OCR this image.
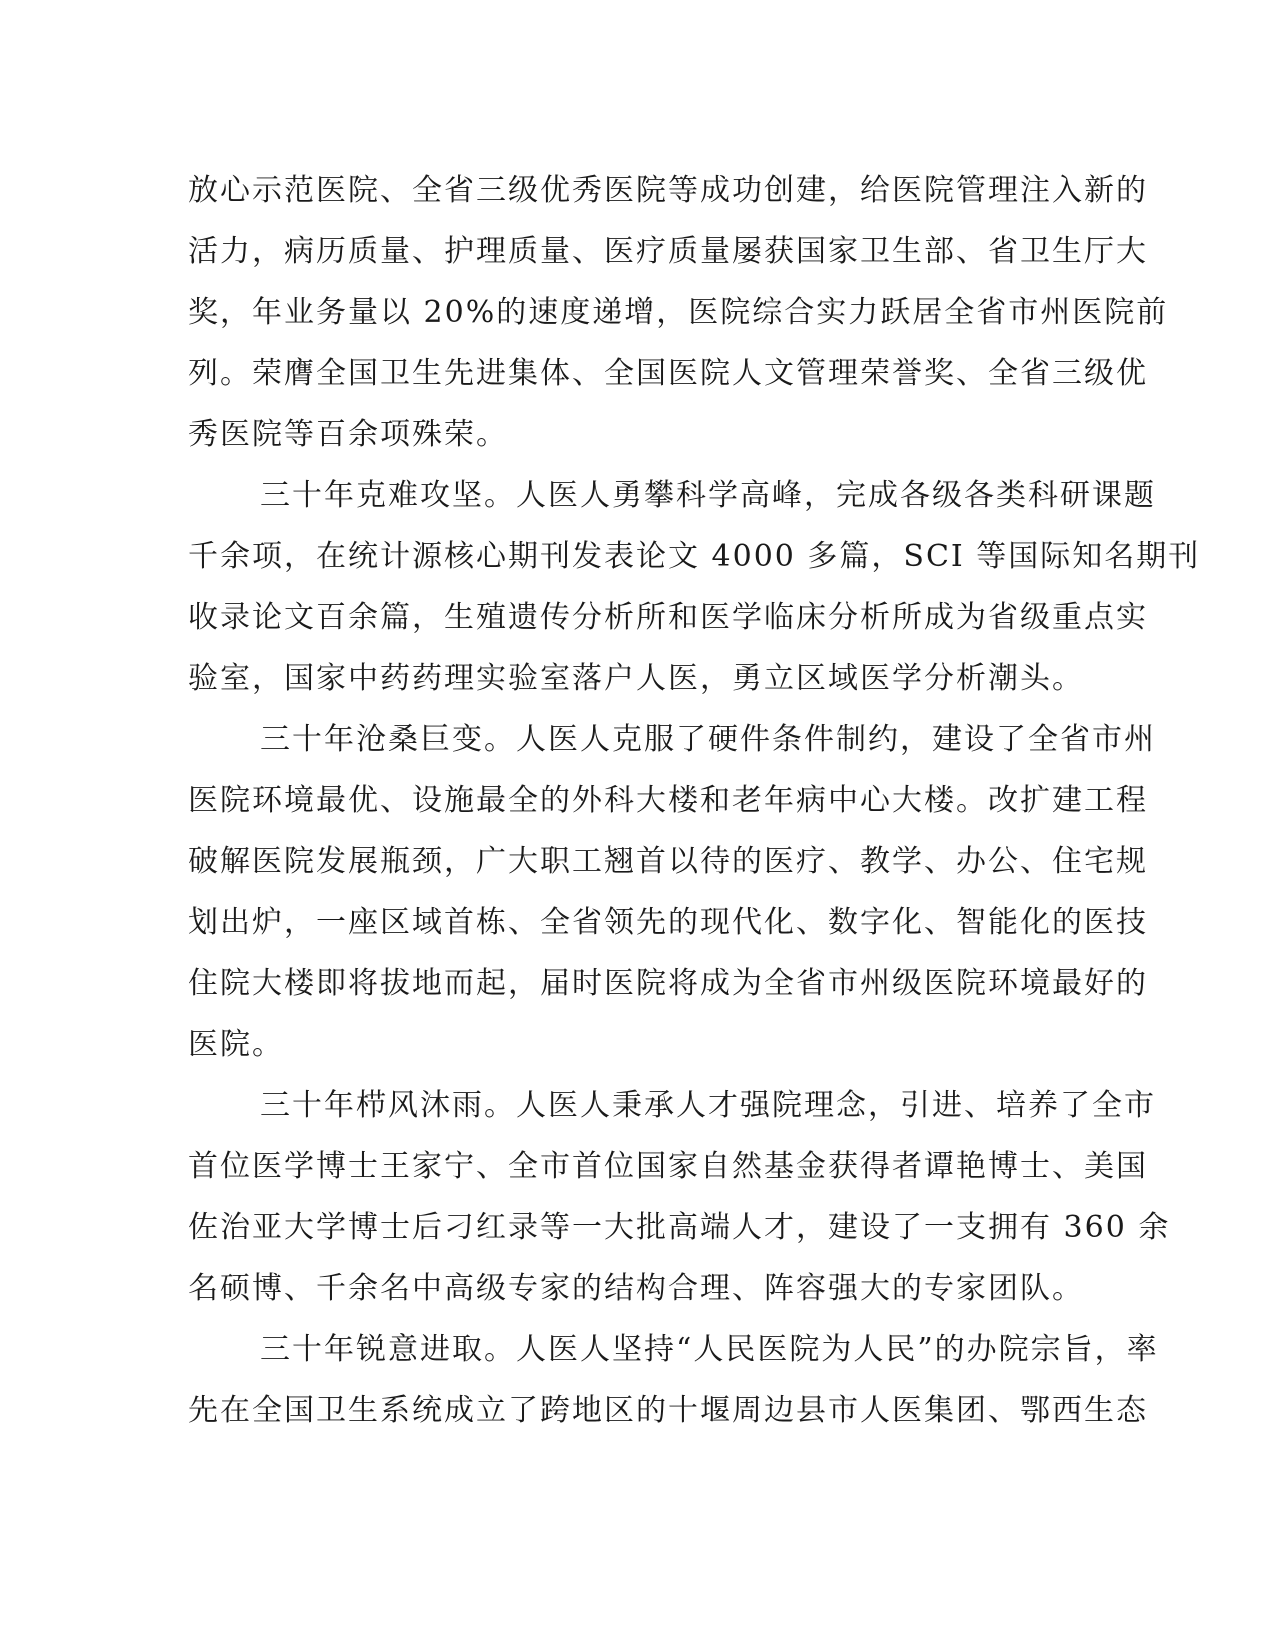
放心示范医院、全省三级优秀医院等成功创建，给医院管理注入新的
活力，病历质量、护理质量、医疗质量屡获国家卫生部、省卫生厅大
奖，年业务量以 20%的速度递增，医院综合实力跃居全省市州医院前
列。荣膺全国卫生先进集体、全国医院人文管理荣誉奖、全省三级优
秀医院等百余项殊荣。
三十年克难攻坚。人医人勇攀科学高峰，完成各级各类科研课题
千余项，在统计源核心期刊发表论文 4000 多篇，SCI 等国际知名期刊
收录论文百余篇，生殖遗传分析所和医学临床分析所成为省级重点实
验室，国家中药药理实验室落户人医，勇立区域医学分析潮头。
三十年沧桑巨变。人医人克服了硬件条件制约，建设了全省市州
医院环境最优、设施最全的外科大楼和老年病中心大楼。改扩建工程
破解医院发展瓶颈，广大职工翘首以待的医疗、教学、办公、住宅规
划出炉，一座区域首栋、全省领先的现代化、数字化、智能化的医技
住院大楼即将拔地而起，届时医院将成为全省市州级医院环境最好的
医院。
三十年栉风沐雨。人医人秉承人才强院理念，引进、培养了全市
首位医学博士王家宁、全市首位国家自然基金获得者谭艳博士、美国
佐治亚大学博士后刁红录等一大批高端人才，建设了一支拥有 360 余
名硕博、千余名中高级专家的结构合理、阵容强大的专家团队。
三十年锐意进取。人医人坚持“人民医院为人民”的办院宗旨，率
先在全国卫生系统成立了跨地区的十堰周边县市人医集团、鄂西生态
